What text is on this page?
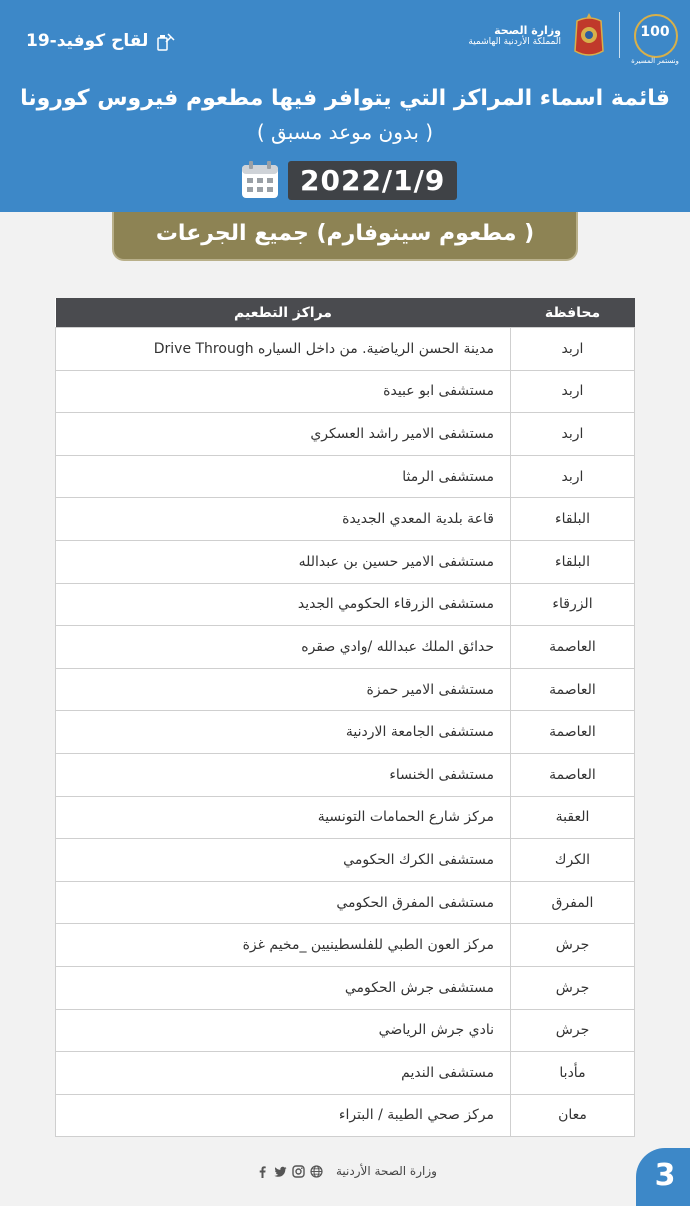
وزارة الصحة
المملكة الأردنية الهاشمية
100
ونستمر المسيرة
لقاح كوفيد-19
قائمة اسماء المراكز التي يتوافر فيها مطعوم فيروس كورونا
( بدون موعد مسبق )
2022/1/9
( مطعوم سينوفارم) جميع الجرعات
محافظة	مراكز التطعيم
اربد	مدينة الحسن الرياضية. من داخل السياره Drive Through
اربد	مستشفى ابو عبيدة
اربد	مستشفى الامير راشد العسكري
اربد	مستشفى الرمثا
البلقاء	قاعة بلدية المعدي الجديدة
البلقاء	مستشفى الامير حسين بن عبدالله
الزرقاء	مستشفى الزرقاء الحكومي الجديد
العاصمة	حدائق الملك عبدالله /وادي صقره
العاصمة	مستشفى الامير حمزة
العاصمة	مستشفى الجامعة الاردنية
العاصمة	مستشفى الخنساء
العقبة	مركز شارع الحمامات التونسية
الكرك	مستشفى الكرك الحكومي
المفرق	مستشفى المفرق الحكومي
جرش	مركز العون الطبي للفلسطينيين _مخيم غزة
جرش	مستشفى جرش الحكومي
جرش	نادي جرش الرياضي
مأدبا	مستشفى النديم
معان	مركز صحي الطيبة / البتراء
وزارة الصحة الأردنية	3
